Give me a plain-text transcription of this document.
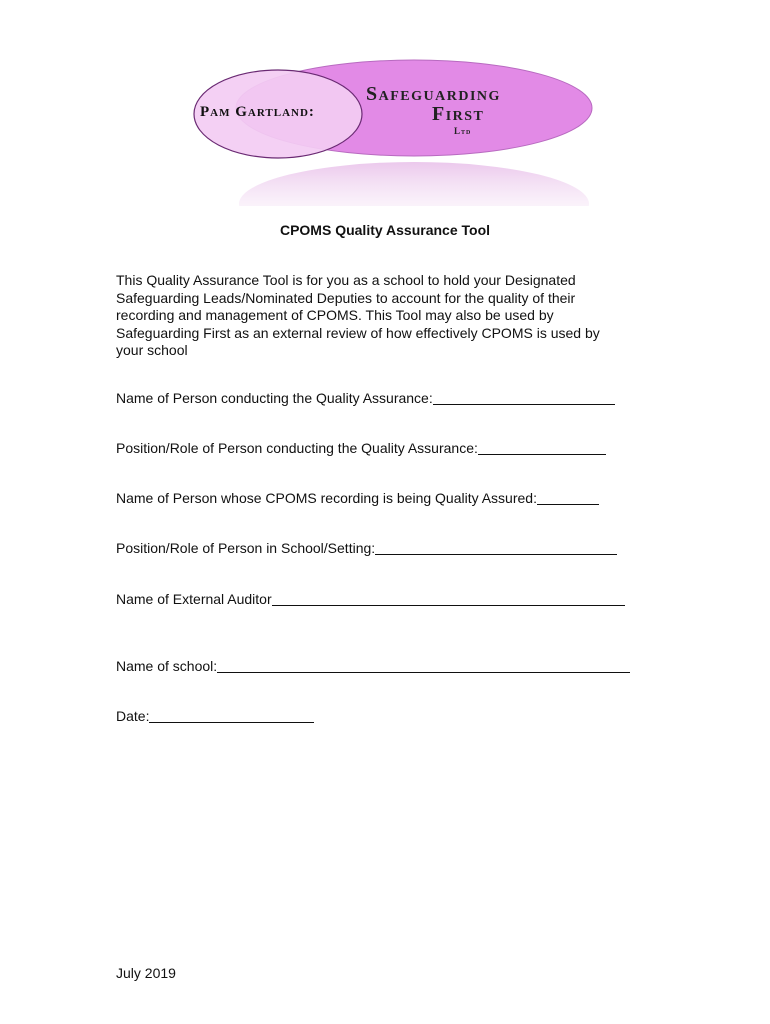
Pam Gartland:
Safeguarding
First
Ltd
CPOMS Quality Assurance Tool
This Quality Assurance Tool is for you as a school to hold your Designated
Safeguarding Leads/Nominated Deputies to account for the quality of their
recording and management of CPOMS. This Tool may also be used by
Safeguarding First as an external review of how effectively CPOMS is used by
your school
Name of Person conducting the Quality Assurance:
Position/Role of Person conducting the Quality Assurance:
Name of Person whose CPOMS recording is being Quality Assured:
Position/Role of Person in School/Setting:
Name of External Auditor
Name of school:
Date:
July 2019
